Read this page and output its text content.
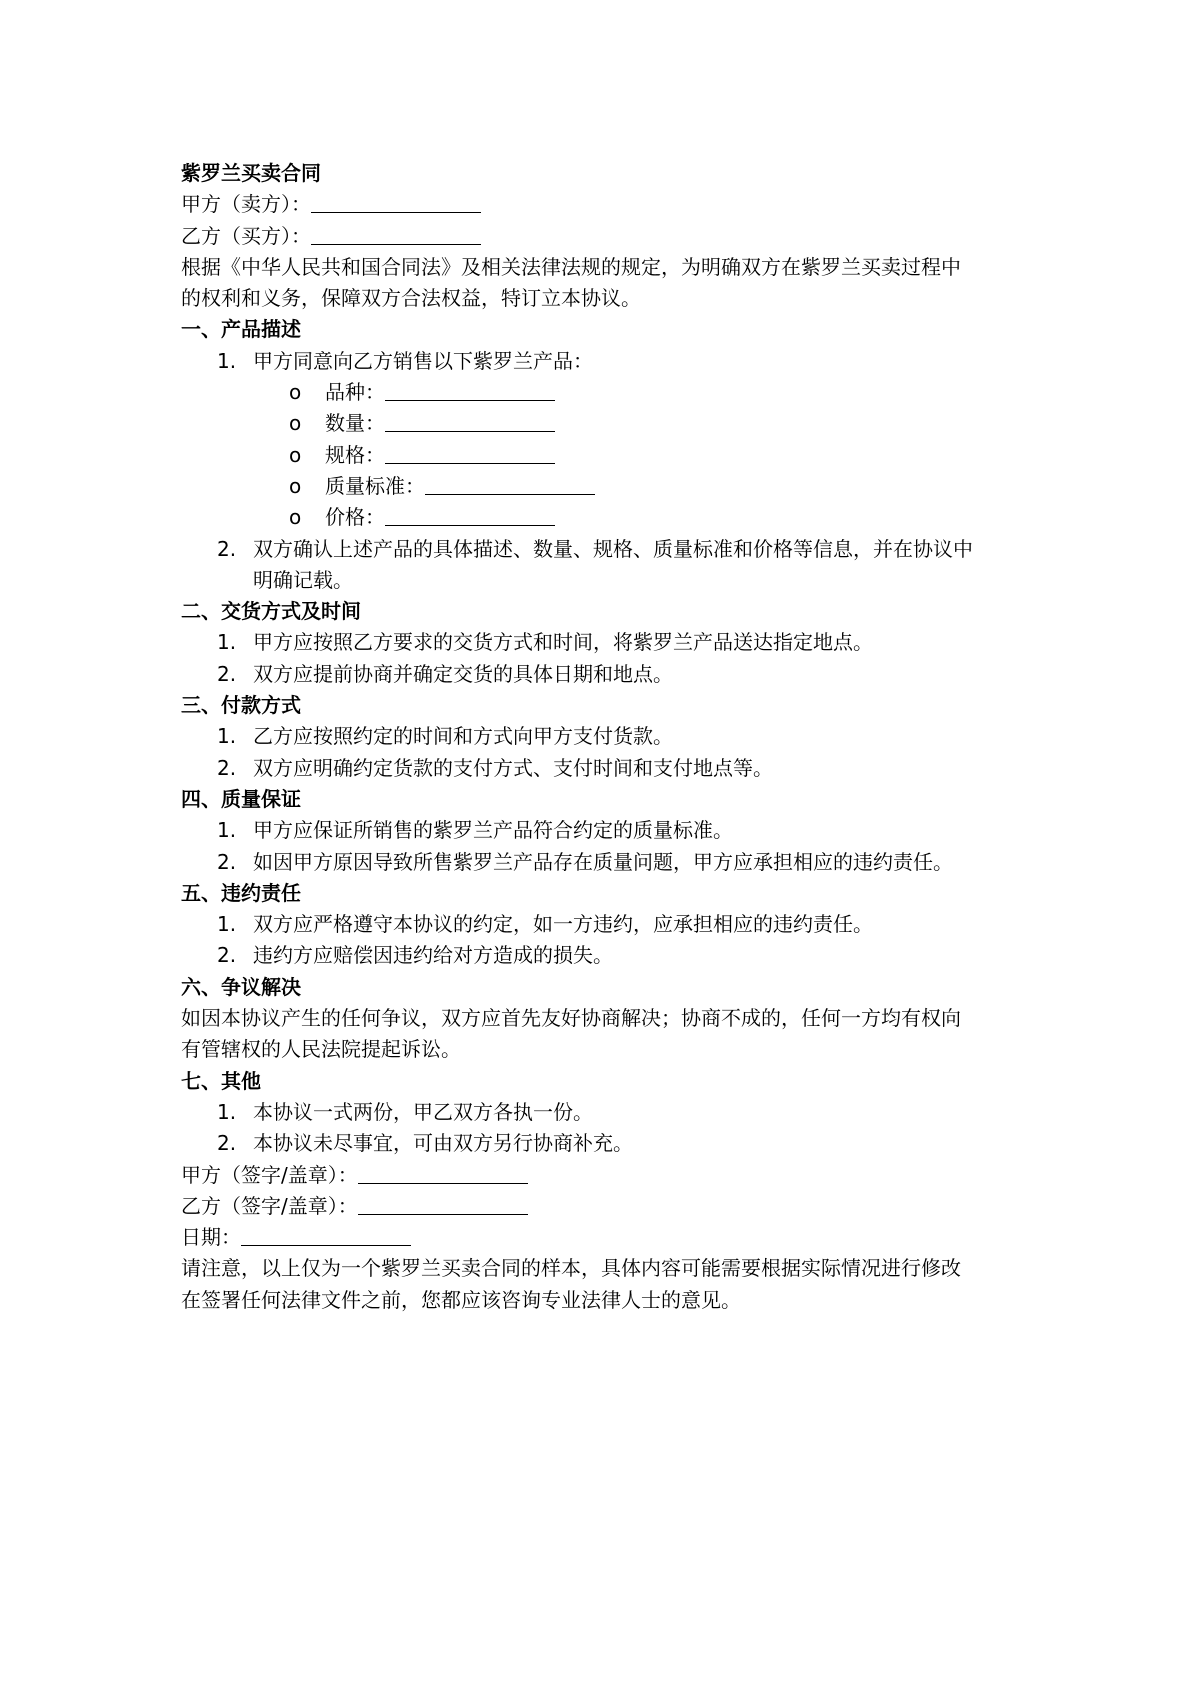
紫罗兰买卖合同
甲方（卖方）：
乙方（买方）：
根据《中华人民共和国合同法》及相关法律法规的规定，为明确双方在紫罗兰买卖过程中
的权利和义务，保障双方合法权益，特订立本协议。
一、产品描述
1. 甲方同意向乙方销售以下紫罗兰产品：
o 品种：
o 数量：
o 规格：
o 质量标准：
o 价格：
2. 双方确认上述产品的具体描述、数量、规格、质量标准和价格等信息，并在协议中
明确记载。
二、交货方式及时间
1. 甲方应按照乙方要求的交货方式和时间，将紫罗兰产品送达指定地点。
2. 双方应提前协商并确定交货的具体日期和地点。
三、付款方式
1. 乙方应按照约定的时间和方式向甲方支付货款。
2. 双方应明确约定货款的支付方式、支付时间和支付地点等。
四、质量保证
1. 甲方应保证所销售的紫罗兰产品符合约定的质量标准。
2. 如因甲方原因导致所售紫罗兰产品存在质量问题，甲方应承担相应的违约责任。
五、违约责任
1. 双方应严格遵守本协议的约定，如一方违约，应承担相应的违约责任。
2. 违约方应赔偿因违约给对方造成的损失。
六、争议解决
如因本协议产生的任何争议，双方应首先友好协商解决；协商不成的，任何一方均有权向
有管辖权的人民法院提起诉讼。
七、其他
1. 本协议一式两份，甲乙双方各执一份。
2. 本协议未尽事宜，可由双方另行协商补充。
甲方（签字/盖章）：
乙方（签字/盖章）：
日期：
请注意，以上仅为一个紫罗兰买卖合同的样本，具体内容可能需要根据实际情况进行修改
在签署任何法律文件之前，您都应该咨询专业法律人士的意见。
